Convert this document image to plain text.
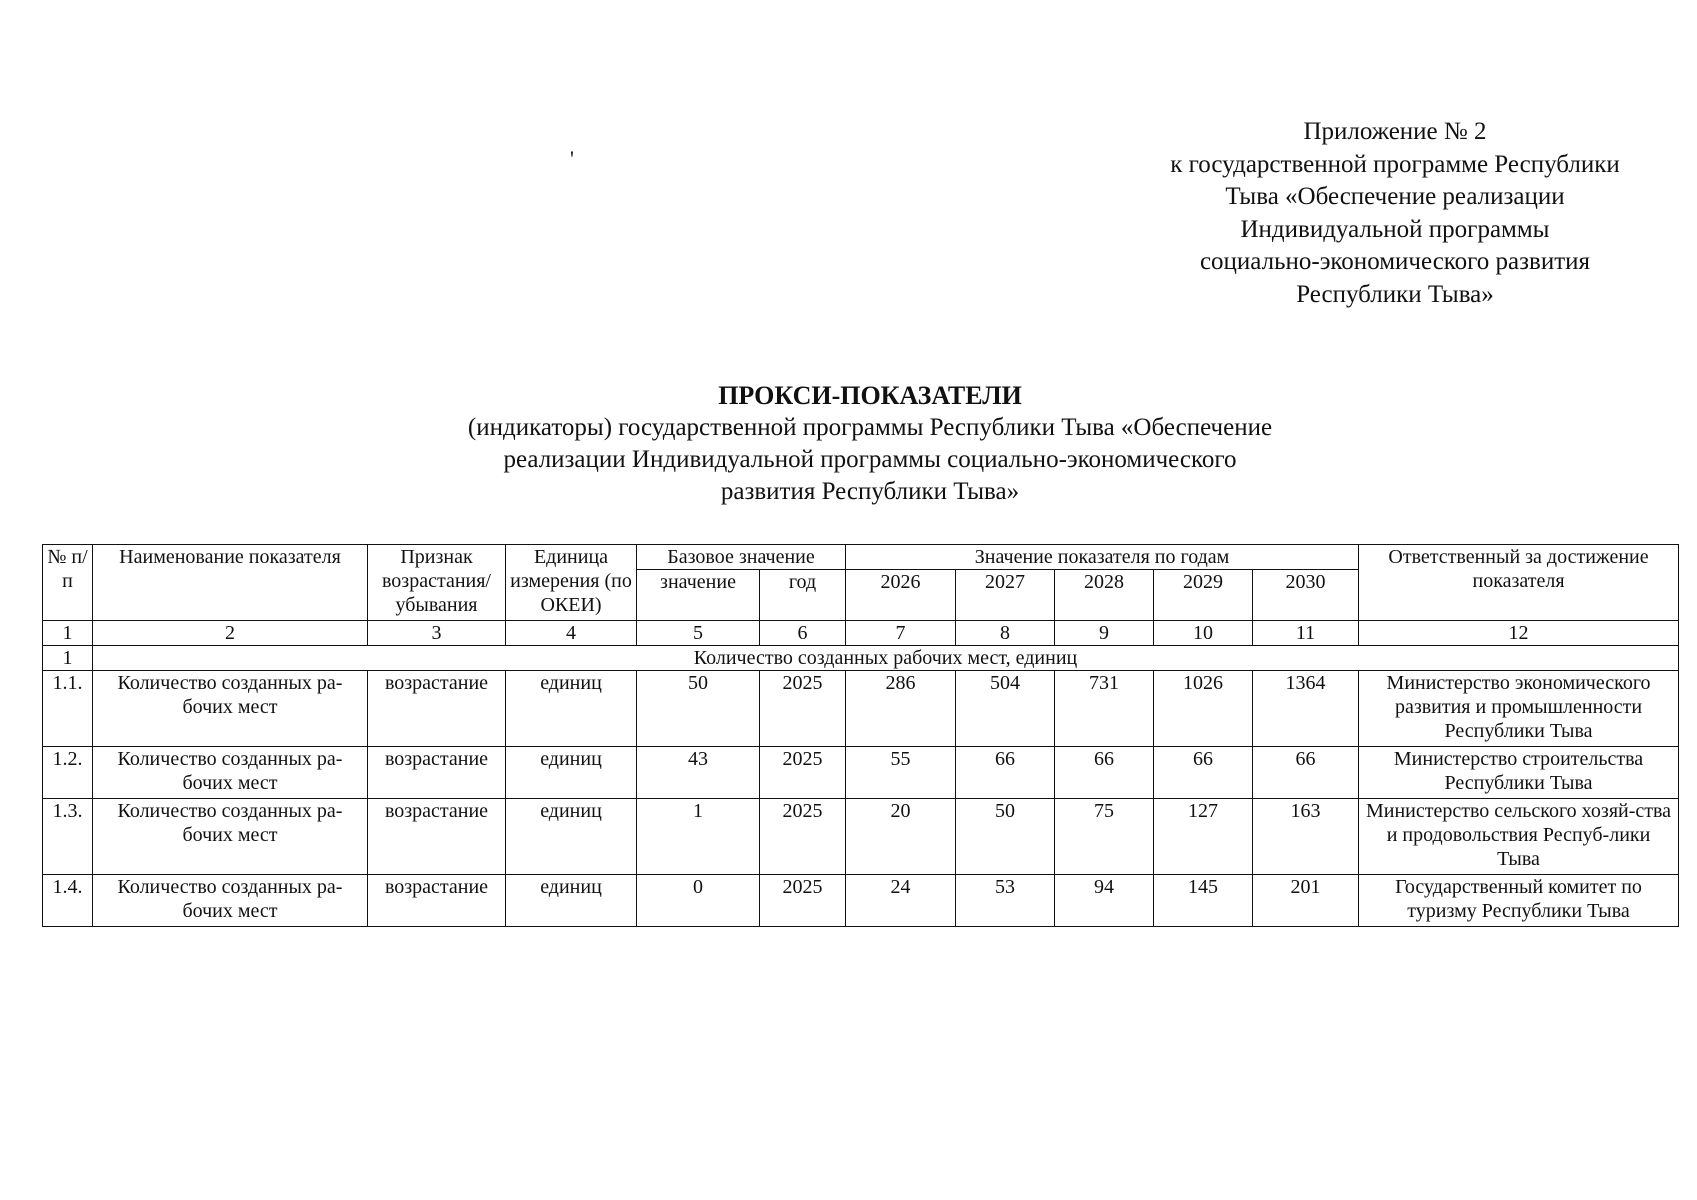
Приложение № 2
к государственной программе Республики
Тыва «Обеспечение реализации
Индивидуальной программы
социально-экономического развития
Республики Тыва»
'
ПРОКСИ-ПОКАЗАТЕЛИ
(индикаторы) государственной программы Республики Тыва «Обеспечение
реализации Индивидуальной программы социально-экономического
развития Республики Тыва»
№ п/п	Наименование показателя	Признак возрастания/ убывания	Единица измерения (по ОКЕИ)	Базовое значение		Значение показателя по годам					Ответственный за достижение показателя
				значение	год	2026	2027	2028	2029	2030	
1	2	3	4	5	6	7	8	9	10	11	12
1	Количество созданных рабочих мест, единиц										
1.1.	Количество созданных ра-бочих мест	возрастание	единиц	50	2025	286	504	731	1026	1364	Министерство экономического развития и промышленности Республики Тыва
1.2.	Количество созданных ра-бочих мест	возрастание	единиц	43	2025	55	66	66	66	66	Министерство строительства Республики Тыва
1.3.	Количество созданных ра-бочих мест	возрастание	единиц	1	2025	20	50	75	127	163	Министерство сельского хозяй-ства и продовольствия Респуб-лики Тыва
1.4.	Количество созданных ра-бочих мест	возрастание	единиц	0	2025	24	53	94	145	201	Государственный комитет по туризму Республики Тыва
